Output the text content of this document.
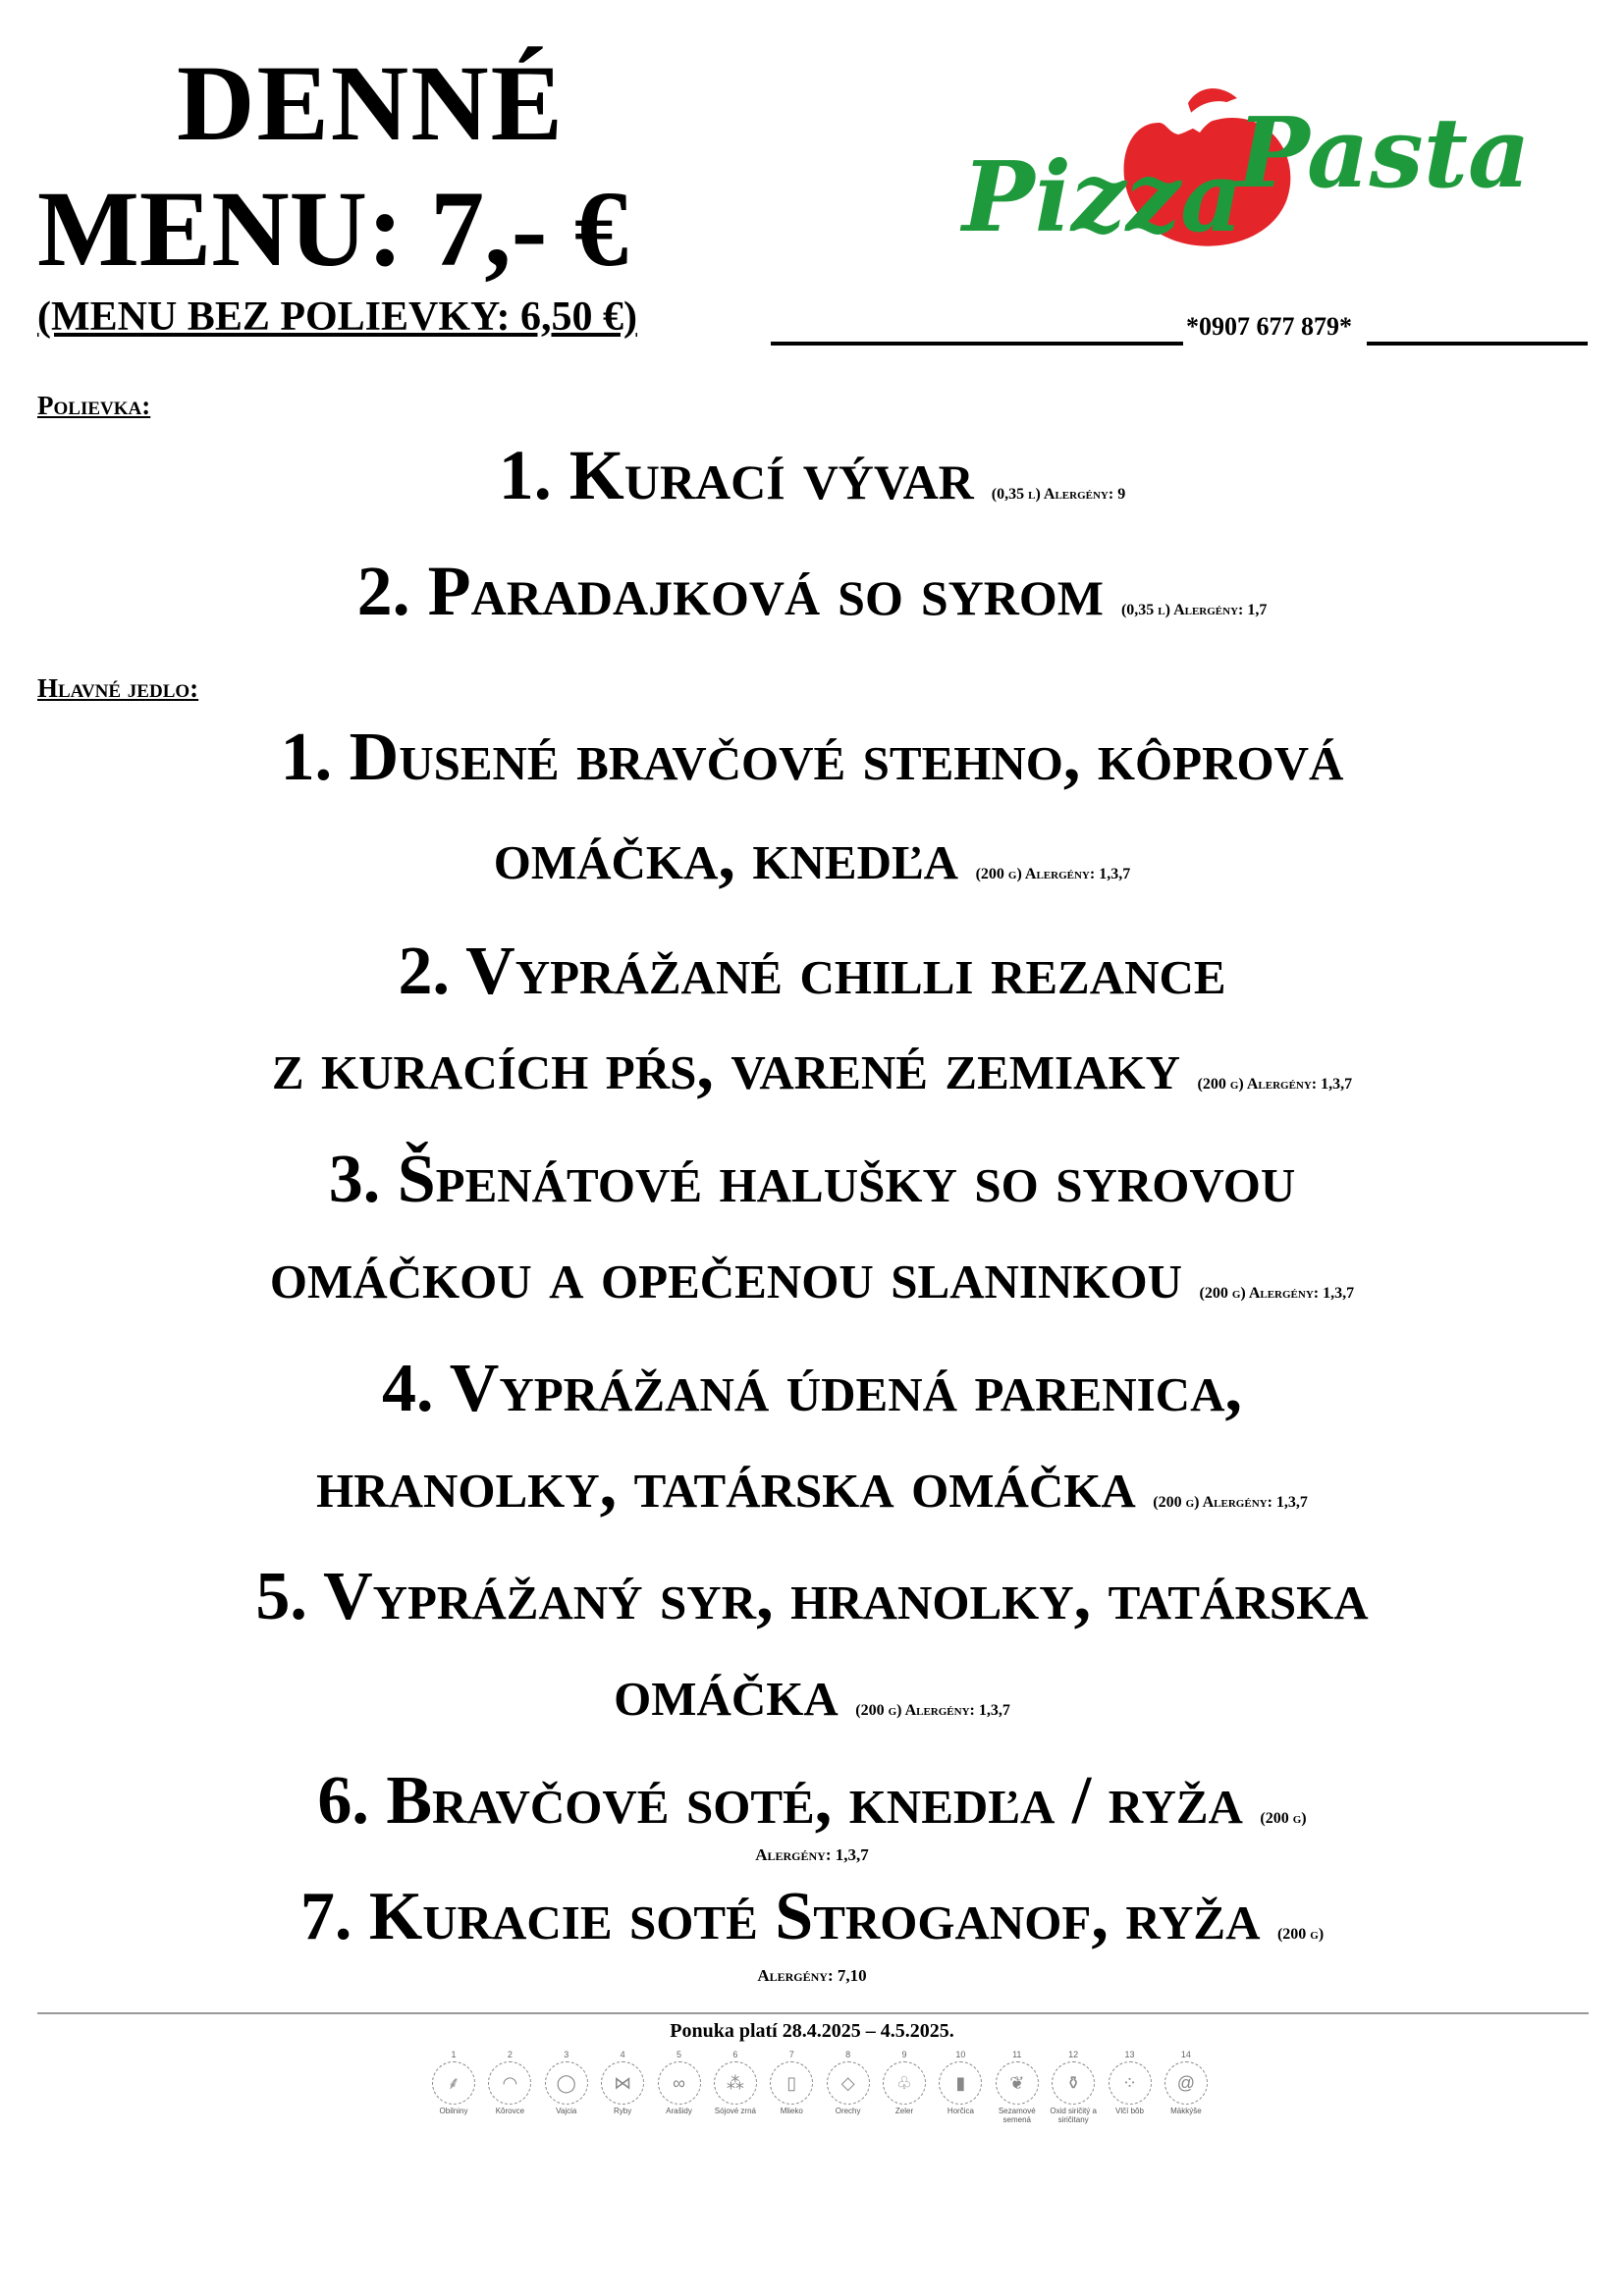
DENNÉ
MENU: 7,- €
(MENU BEZ POLIEVKY: 6,50 €)	*0907 677 879*
Pizza
Pasta
Polievka:
1. Kurací vývar (0,35 l) Alergény: 9
2. Paradajková so syrom (0,35 l) Alergény: 1,7
Hlavné jedlo:
1. Dusené bravčové stehno, kôprová
omáčka, knedľa (200 g) Alergény: 1,3,7
2. Vyprážané chilli rezance
z kuracích pŕs, varené zemiaky (200 g) Alergény: 1,3,7
3. Špenátové halušky so syrovou
omáčkou a opečenou slaninkou (200 g) Alergény: 1,3,7
4. Vyprážaná údená parenica,
hranolky, tatárska omáčka (200 g) Alergény: 1,3,7
5. Vyprážaný syr, hranolky, tatárska
omáčka (200 g) Alergény: 1,3,7
6. Bravčové soté, knedľa / ryža (200 g)
Alergény: 1,3,7
7. Kuracie soté Stroganof, ryža (200 g)
Alergény: 7,10
Ponuka platí 28.4.2025 – 4.5.2025.
1
⸙
Obilniny
2
◠
Kôrovce
3
◯
Vajcia
4
⋈
Ryby
5
∞
Arašidy
6
⁂
Sójové zrná
7
▯
Mlieko
8
◇
Orechy
9
♧
Zeler
10
▮
Horčica
11
❦
Sezamové semená
12
⚱
Oxid siričitý a siričitany
13
⁘
Vlčí bôb
14
@
Mäkkýše
